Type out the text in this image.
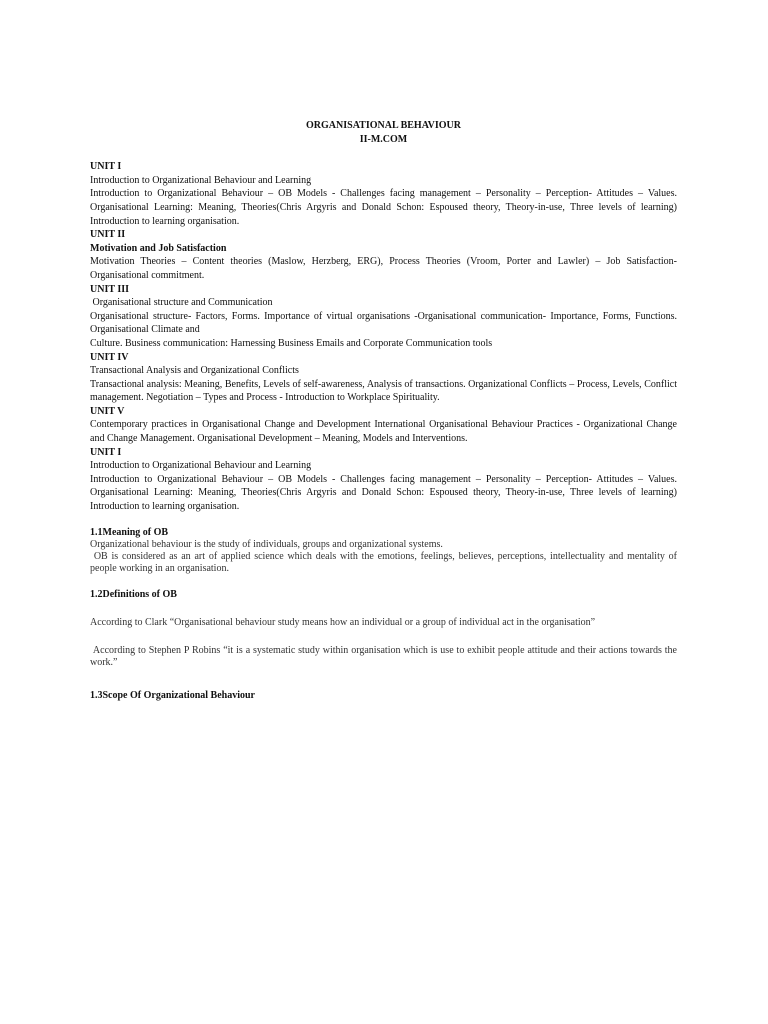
ORGANISATIONAL BEHAVIOUR
II-M.COM
UNIT I
Introduction to Organizational Behaviour and Learning
Introduction to Organizational Behaviour – OB Models - Challenges facing management – Personality – Perception- Attitudes – Values. Organisational Learning: Meaning, Theories(Chris Argyris and Donald Schon: Espoused theory, Theory-in-use, Three levels of learning) Introduction to learning organisation.
UNIT II
Motivation and Job Satisfaction
Motivation Theories – Content theories (Maslow, Herzberg, ERG), Process Theories (Vroom, Porter and Lawler) – Job Satisfaction-Organisational commitment.
UNIT III
Organisational structure and Communication
Organisational structure- Factors, Forms. Importance of virtual organisations -Organisational communication- Importance, Forms, Functions. Organisational Climate and
Culture. Business communication: Harnessing Business Emails and Corporate Communication tools
UNIT IV
Transactional Analysis and Organizational Conflicts
Transactional analysis: Meaning, Benefits, Levels of self-awareness, Analysis of transactions. Organizational Conflicts – Process, Levels, Conflict management. Negotiation – Types and Process - Introduction to Workplace Spirituality.
UNIT V
Contemporary practices in Organisational Change and Development International Organisational Behaviour Practices - Organizational Change and Change Management. Organisational Development – Meaning, Models and Interventions.
UNIT I
Introduction to Organizational Behaviour and Learning
Introduction to Organizational Behaviour – OB Models - Challenges facing management – Personality – Perception- Attitudes – Values. Organisational Learning: Meaning, Theories(Chris Argyris and Donald Schon: Espoused theory, Theory-in-use, Three levels of learning) Introduction to learning organisation.
1.1Meaning of OB
Organizational behaviour is the study of individuals, groups and organizational systems.
OB is considered as an art of applied science which deals with the emotions, feelings, believes, perceptions, intellectuality and mentality of people working in an organisation.
1.2Definitions of OB
According to Clark “Organisational behaviour study means how an individual or a group of individual act in the organisation”
According to Stephen P Robins “it is a systematic study within organisation which is use to exhibit people attitude and their actions towards the work.”
1.3Scope Of Organizational Behaviour
